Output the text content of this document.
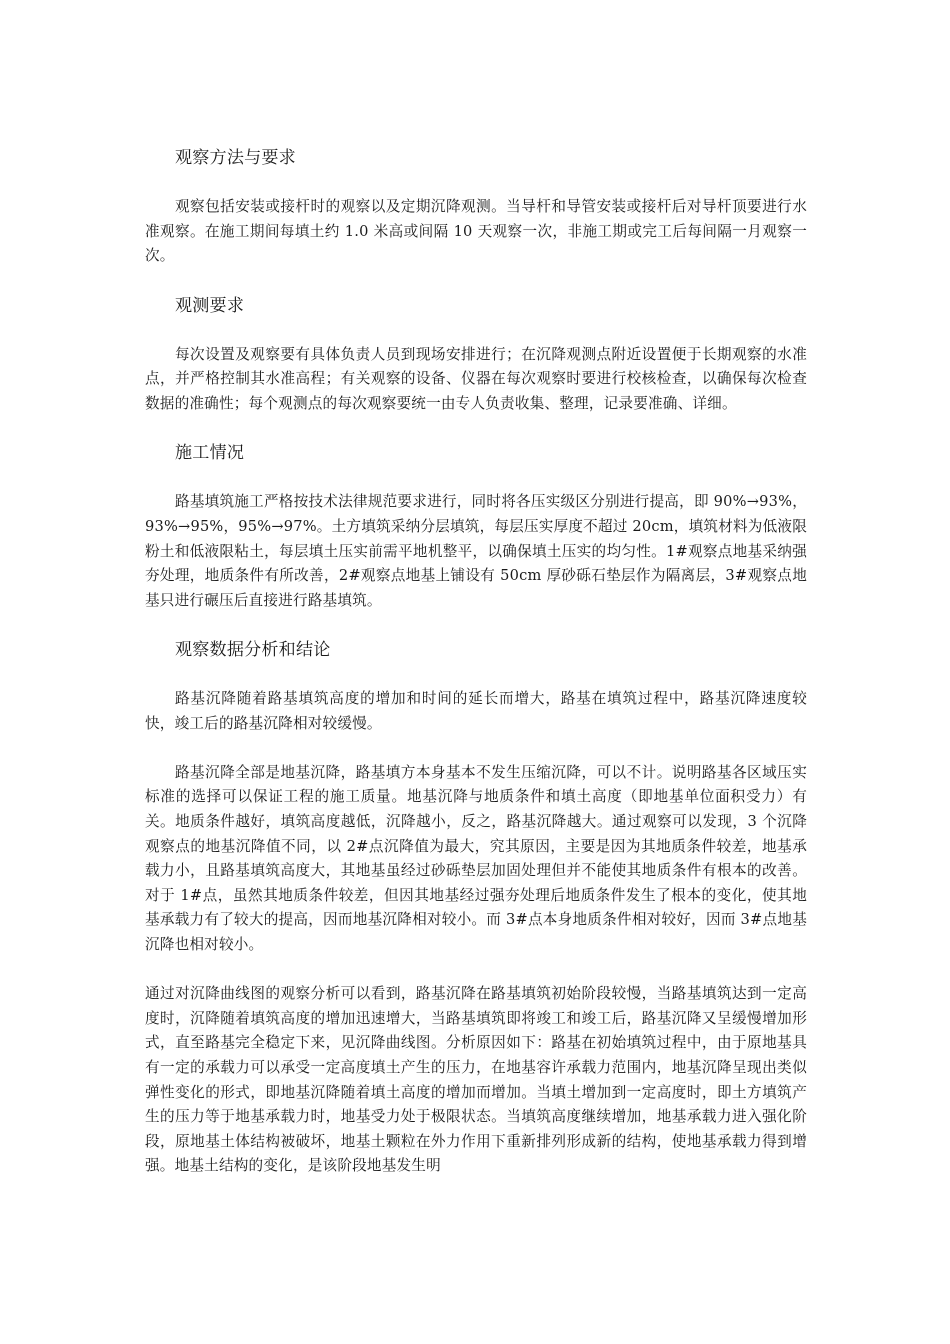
观察方法与要求

观察包括安装或接杆时的观察以及定期沉降观测。当导杆和导管安装或接杆后对导杆顶要进行水准观察。在施工期间每填土约 1.0 米高或间隔 10 天观察一次，非施工期或完工后每间隔一月观察一次。

观测要求

每次设置及观察要有具体负责人员到现场安排进行；在沉降观测点附近设置便于长期观察的水准点，并严格控制其水准高程；有关观察的设备、仪器在每次观察时要进行校核检查，以确保每次检查数据的准确性；每个观测点的每次观察要统一由专人负责收集、整理，记录要准确、详细。

施工情况

路基填筑施工严格按技术法律规范要求进行，同时将各压实级区分别进行提高，即 90%→93%，93%→95%，95%→97%。土方填筑采纳分层填筑，每层压实厚度不超过 20cm，填筑材料为低液限粉土和低液限粘土，每层填土压实前需平地机整平，以确保填土压实的均匀性。1#观察点地基采纳强夯处理，地质条件有所改善，2#观察点地基上铺设有 50cm 厚砂砾石垫层作为隔离层，3#观察点地基只进行碾压后直接进行路基填筑。

观察数据分析和结论

路基沉降随着路基填筑高度的增加和时间的延长而增大，路基在填筑过程中，路基沉降速度较快，竣工后的路基沉降相对较缓慢。

路基沉降全部是地基沉降，路基填方本身基本不发生压缩沉降，可以不计。说明路基各区域压实标准的选择可以保证工程的施工质量。地基沉降与地质条件和填土高度（即地基单位面积受力）有关。地质条件越好，填筑高度越低，沉降越小，反之，路基沉降越大。通过观察可以发现，3 个沉降观察点的地基沉降值不同，以 2#点沉降值为最大，究其原因，主要是因为其地质条件较差，地基承载力小，且路基填筑高度大，其地基虽经过砂砾垫层加固处理但并不能使其地质条件有根本的改善。对于 1#点，虽然其地质条件较差，但因其地基经过强夯处理后地质条件发生了根本的变化，使其地基承载力有了较大的提高，因而地基沉降相对较小。而 3#点本身地质条件相对较好，因而 3#点地基沉降也相对较小。

通过对沉降曲线图的观察分析可以看到，路基沉降在路基填筑初始阶段较慢，当路基填筑达到一定高度时，沉降随着填筑高度的增加迅速增大，当路基填筑即将竣工和竣工后，路基沉降又呈缓慢增加形式，直至路基完全稳定下来，见沉降曲线图。分析原因如下：路基在初始填筑过程中，由于原地基具有一定的承载力可以承受一定高度填土产生的压力，在地基容许承载力范围内，地基沉降呈现出类似弹性变化的形式，即地基沉降随着填土高度的增加而增加。当填土增加到一定高度时，即土方填筑产生的压力等于地基承载力时，地基受力处于极限状态。当填筑高度继续增加，地基承载力进入强化阶段，原地基土体结构被破坏，地基土颗粒在外力作用下重新排列形成新的结构，使地基承载力得到增强。地基土结构的变化，是该阶段地基发生明
